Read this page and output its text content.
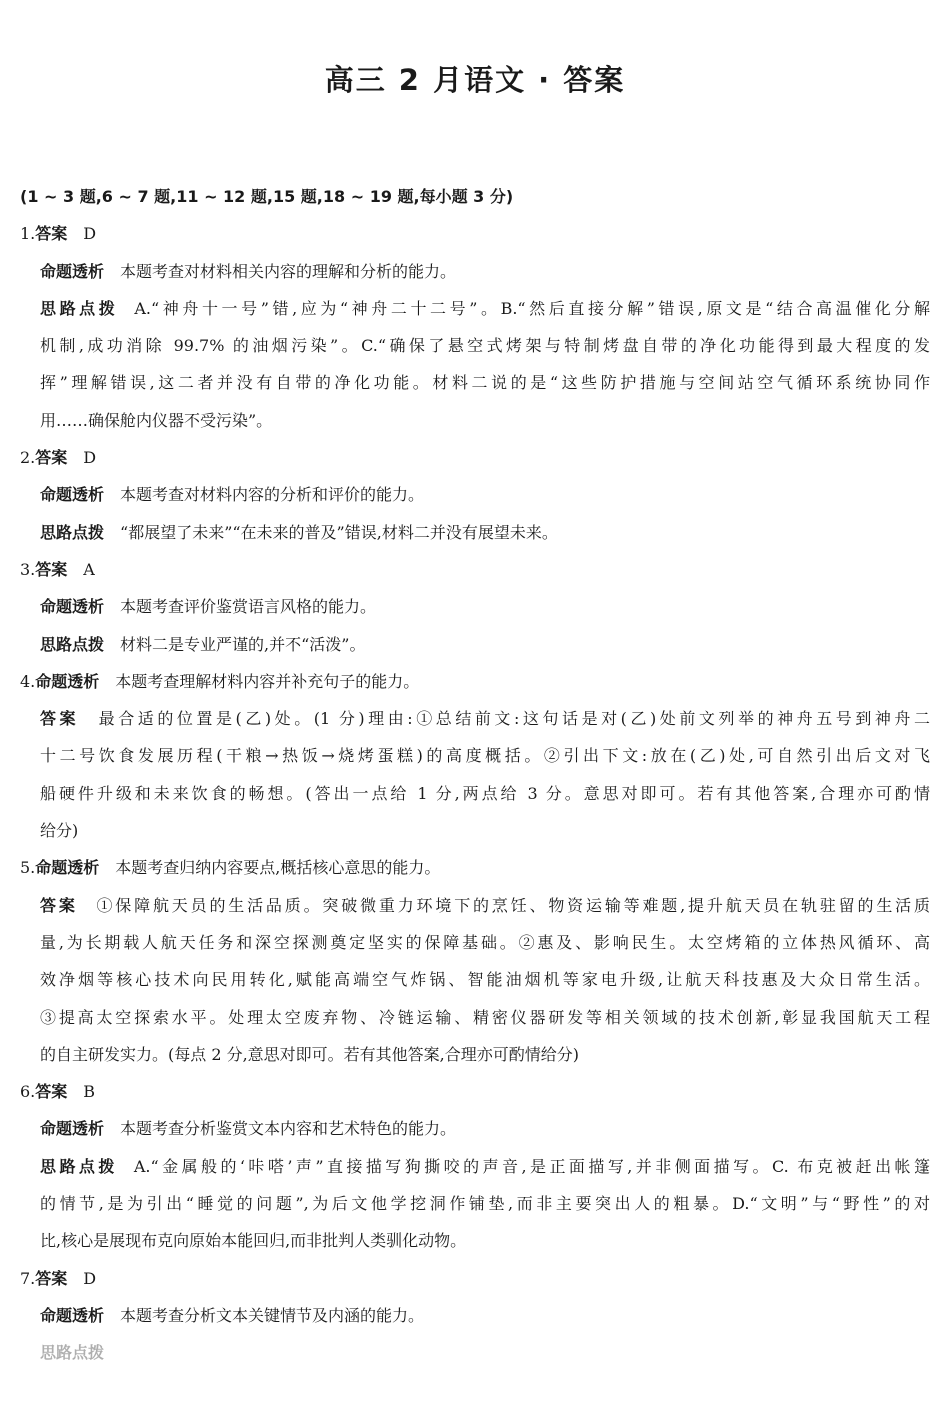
高三 2 月语文 · 答案
(1 ~ 3 题,6 ~ 7 题,11 ~ 12 题,15 题,18 ~ 19 题,每小题 3 分)
1.答案 D
命题透析 本题考查对材料相关内容的理解和分析的能力。
思路点拨 A.“神舟十一号”错,应为“神舟二十二号”。B.“然后直接分解”错误,原文是“结合高温催化分解
机制,成功消除 99.7% 的油烟污染”。C.“确保了悬空式烤架与特制烤盘自带的净化功能得到最大程度的发
挥”理解错误,这二者并没有自带的净化功能。材料二说的是“这些防护措施与空间站空气循环系统协同作
用……确保舱内仪器不受污染”。
2.答案 D
命题透析 本题考查对材料内容的分析和评价的能力。
思路点拨 “都展望了未来”“在未来的普及”错误,材料二并没有展望未来。
3.答案 A
命题透析 本题考查评价鉴赏语言风格的能力。
思路点拨 材料二是专业严谨的,并不“活泼”。
4.命题透析 本题考查理解材料内容并补充句子的能力。
答案 最合适的位置是(乙)处。(1 分)理由:①总结前文:这句话是对(乙)处前文列举的神舟五号到神舟二
十二号饮食发展历程(干粮→热饭→烧烤蛋糕)的高度概括。②引出下文:放在(乙)处,可自然引出后文对飞
船硬件升级和未来饮食的畅想。(答出一点给 1 分,两点给 3 分。意思对即可。若有其他答案,合理亦可酌情
给分)
5.命题透析 本题考查归纳内容要点,概括核心意思的能力。
答案 ①保障航天员的生活品质。突破微重力环境下的烹饪、物资运输等难题,提升航天员在轨驻留的生活质
量,为长期载人航天任务和深空探测奠定坚实的保障基础。②惠及、影响民生。太空烤箱的立体热风循环、高
效净烟等核心技术向民用转化,赋能高端空气炸锅、智能油烟机等家电升级,让航天科技惠及大众日常生活。
③提高太空探索水平。处理太空废弃物、冷链运输、精密仪器研发等相关领域的技术创新,彰显我国航天工程
的自主研发实力。(每点 2 分,意思对即可。若有其他答案,合理亦可酌情给分)
6.答案 B
命题透析 本题考查分析鉴赏文本内容和艺术特色的能力。
思路点拨 A.“金属般的‘咔嗒’声”直接描写狗撕咬的声音,是正面描写,并非侧面描写。C. 布克被赶出帐篷
的情节,是为引出“睡觉的问题”,为后文他学挖洞作铺垫,而非主要突出人的粗暴。D.“文明”与“野性”的对
比,核心是展现布克向原始本能回归,而非批判人类驯化动物。
7.答案 D
命题透析 本题考查分析文本关键情节及内涵的能力。
思路点拨
